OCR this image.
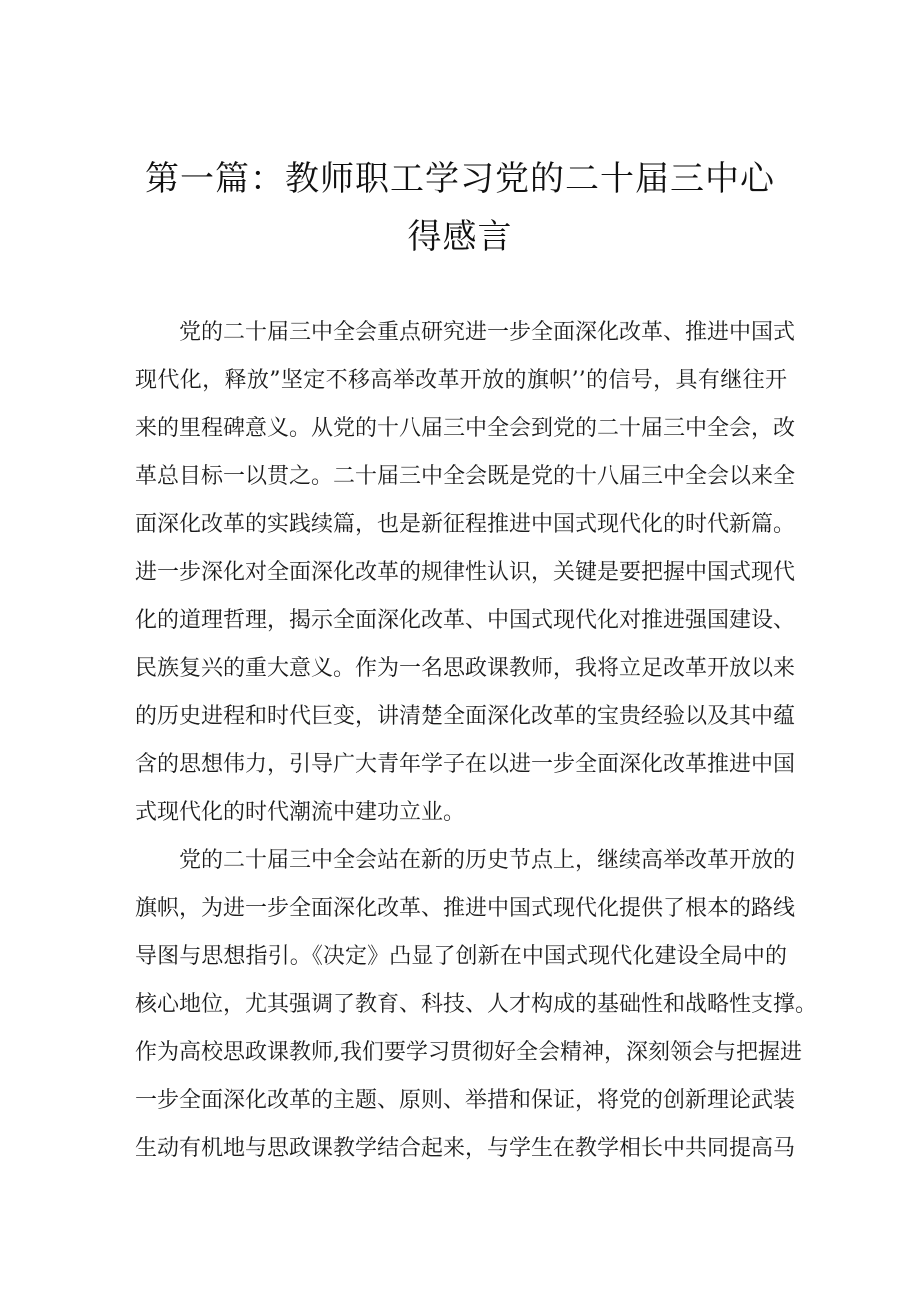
第一篇：教师职工学习党的二十届三中心
得感言
　　党的二十届三中全会重点研究进一步全面深化改革、推进中国式
现代化，释放”坚定不移高举改革开放的旗帜’’的信号，具有继往开
来的里程碑意义。从党的十八届三中全会到党的二十届三中全会，改
革总目标一以贯之。二十届三中全会既是党的十八届三中全会以来全
面深化改革的实践续篇，也是新征程推进中国式现代化的时代新篇。
进一步深化对全面深化改革的规律性认识，关键是要把握中国式现代
化的道理哲理，揭示全面深化改革、中国式现代化对推进强国建设、
民族复兴的重大意义。作为一名思政课教师，我将立足改革开放以来
的历史进程和时代巨变，讲清楚全面深化改革的宝贵经验以及其中蕴
含的思想伟力，引导广大青年学子在以进一步全面深化改革推进中国
式现代化的时代潮流中建功立业。
　　党的二十届三中全会站在新的历史节点上，继续高举改革开放的
旗帜，为进一步全面深化改革、推进中国式现代化提供了根本的路线
导图与思想指引。《决定》凸显了创新在中国式现代化建设全局中的
核心地位，尤其强调了教育、科技、人才构成的基础性和战略性支撑。
作为高校思政课教师,我们要学习贯彻好全会精神，深刻领会与把握进
一步全面深化改革的主题、原则、举措和保证，将党的创新理论武装
生动有机地与思政课教学结合起来，与学生在教学相长中共同提高马
